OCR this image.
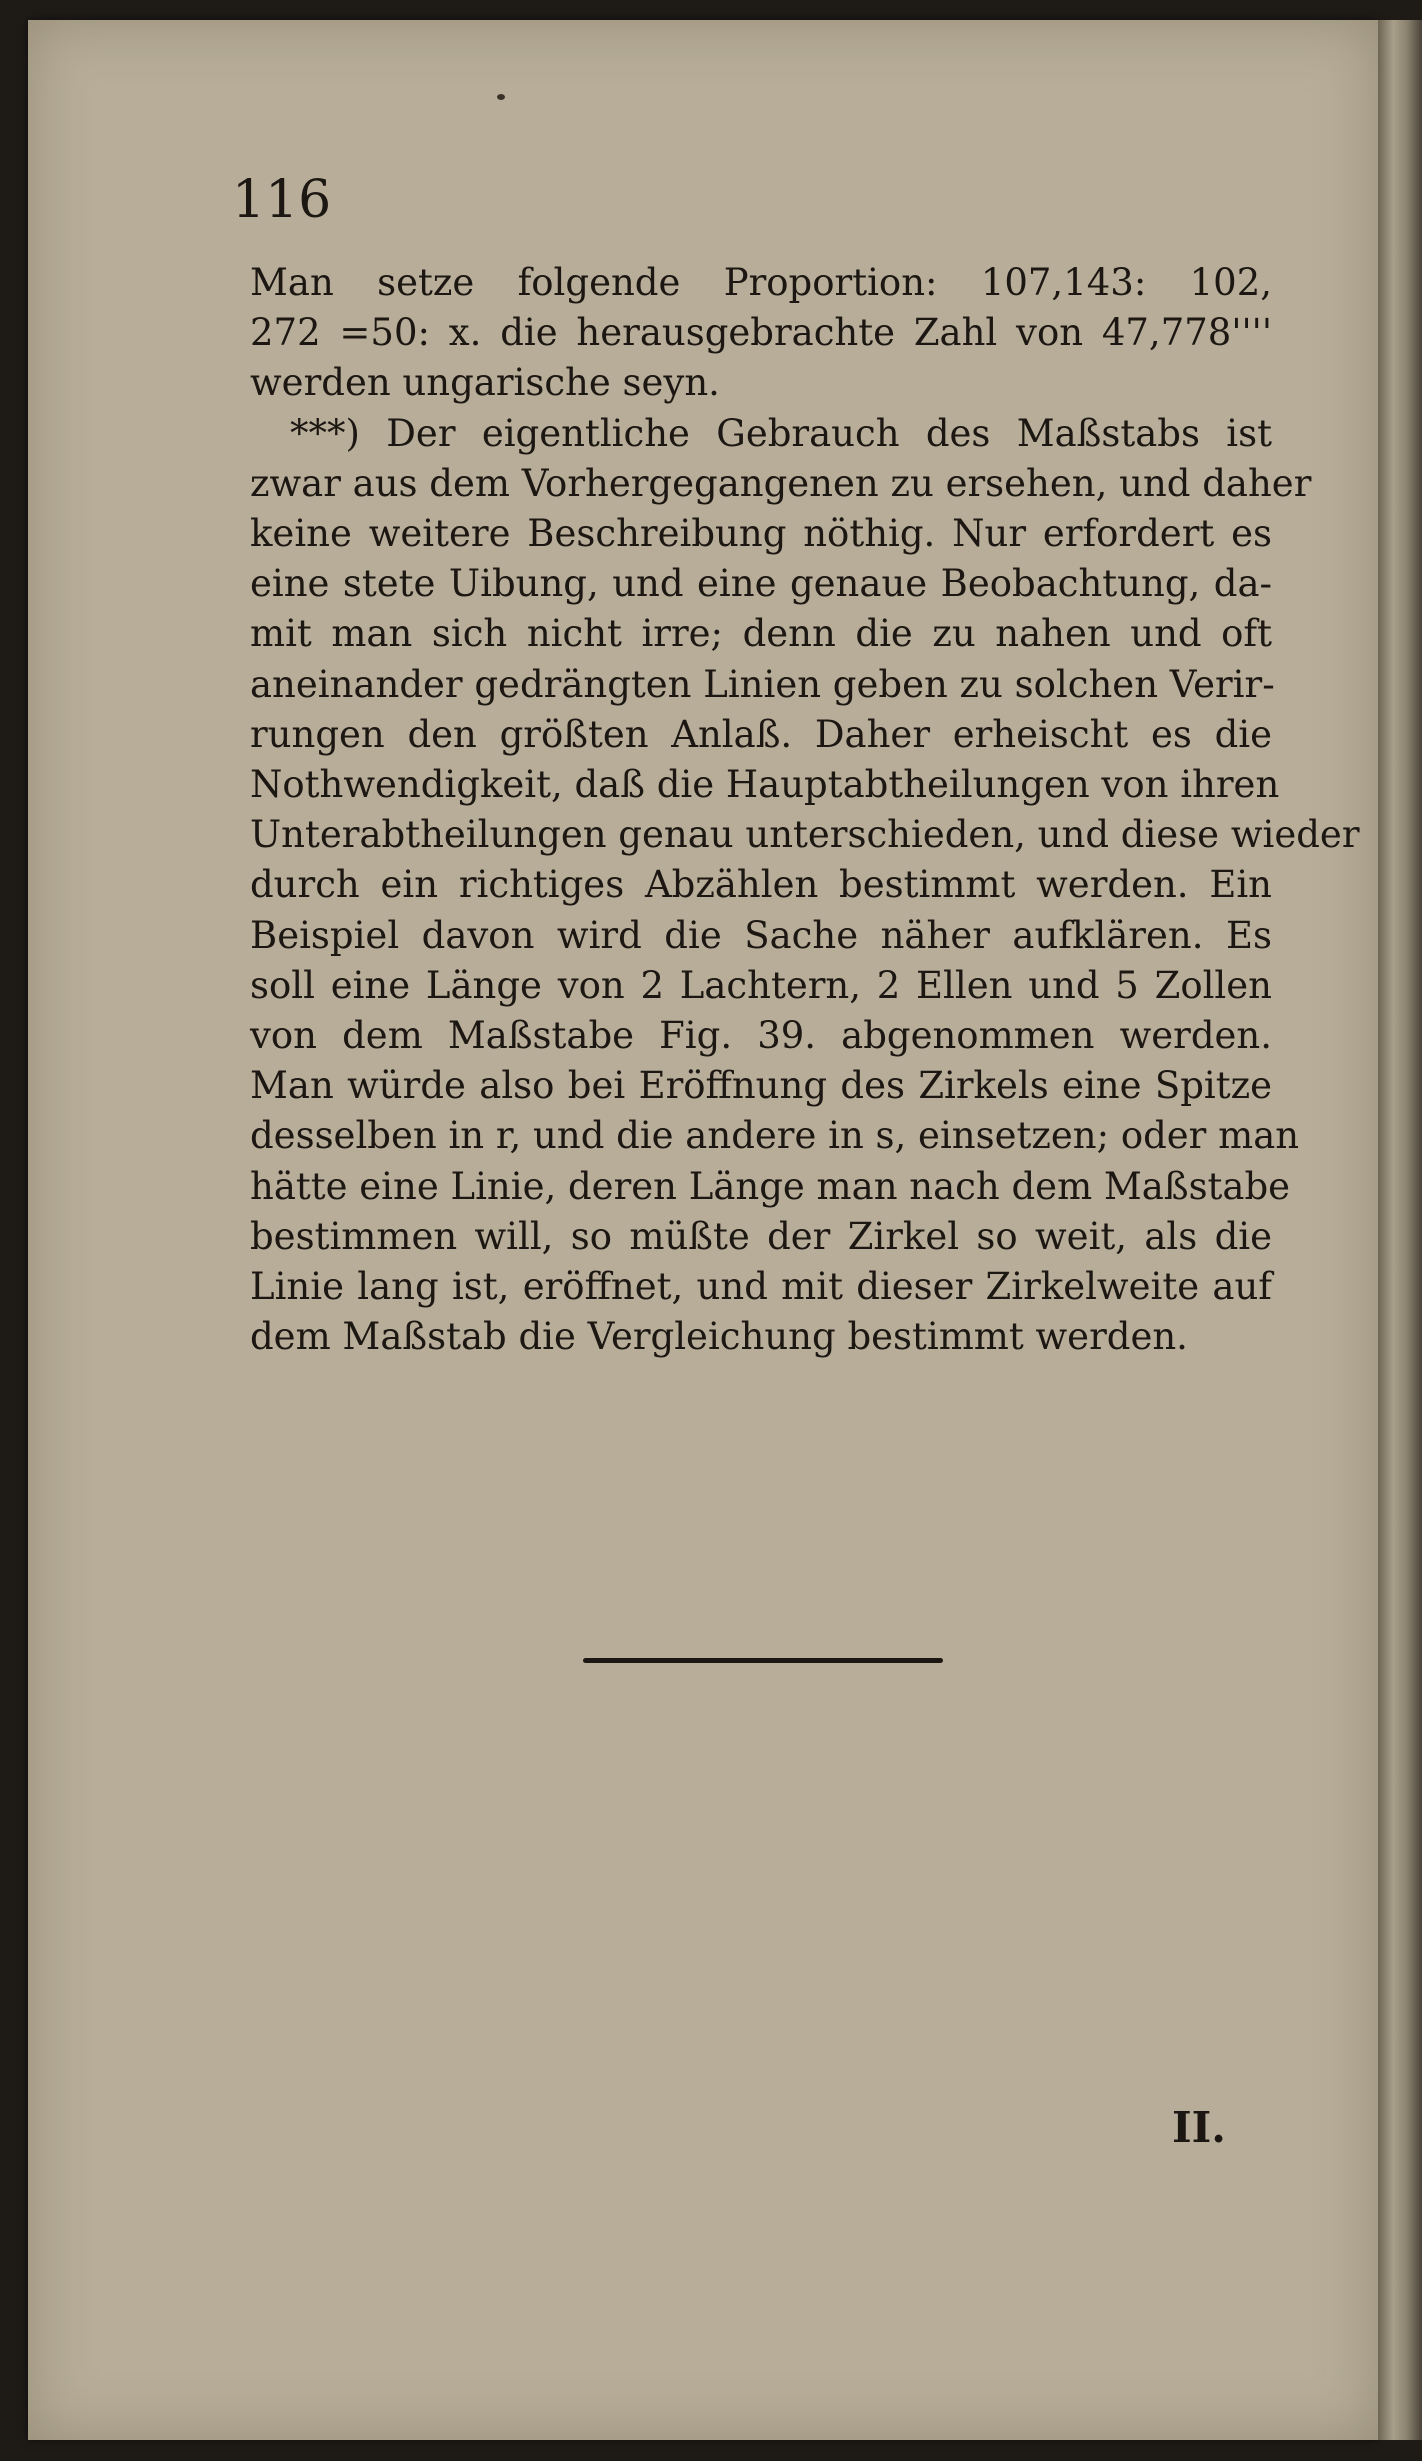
116
Man setze folgende Proportion: 107,143: 102,
272 =50: x. die herausgebrachte Zahl von 47,778''''
werden ungarische seyn.
***) Der eigentliche Gebrauch des Maßstabs ist
zwar aus dem Vorhergegangenen zu ersehen, und daher
keine weitere Beschreibung nöthig. Nur erfordert es
eine stete Uibung, und eine genaue Beobachtung, da-
mit man sich nicht irre; denn die zu nahen und oft
aneinander gedrängten Linien geben zu solchen Verir-
rungen den größten Anlaß. Daher erheischt es die
Nothwendigkeit, daß die Hauptabtheilungen von ihren
Unterabtheilungen genau unterschieden, und diese wieder
durch ein richtiges Abzählen bestimmt werden. Ein
Beispiel davon wird die Sache näher aufklären. Es
soll eine Länge von 2 Lachtern, 2 Ellen und 5 Zollen
von dem Maßstabe Fig. 39. abgenommen werden.
Man würde also bei Eröffnung des Zirkels eine Spitze
desselben in r, und die andere in s, einsetzen; oder man
hätte eine Linie, deren Länge man nach dem Maßstabe
bestimmen will, so müßte der Zirkel so weit, als die
Linie lang ist, eröffnet, und mit dieser Zirkelweite auf
dem Maßstab die Vergleichung bestimmt werden.
II.
